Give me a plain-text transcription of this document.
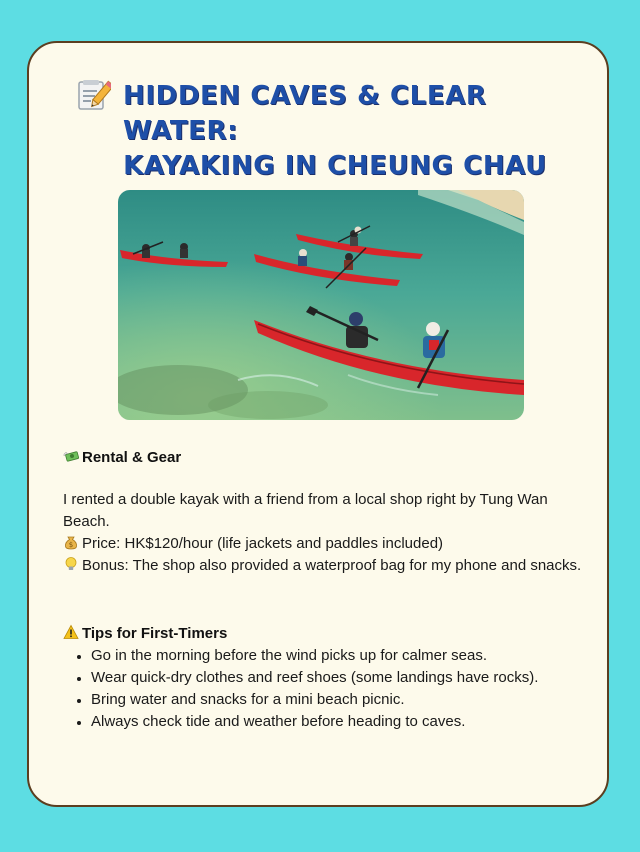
HIDDEN CAVES & CLEAR WATER:
KAYAKING IN CHEUNG CHAU
Rental & Gear
I rented a double kayak with a friend from a local shop right by Tung Wan Beach.
$ Price: HK$120/hour (life jackets and paddles included)
Bonus: The shop also provided a waterproof bag for my phone and snacks.
Tips for First-Timers
• Go in the morning before the wind picks up for calmer seas.
• Wear quick-dry clothes and reef shoes (some landings have rocks).
• Bring water and snacks for a mini beach picnic.
• Always check tide and weather before heading to caves.
